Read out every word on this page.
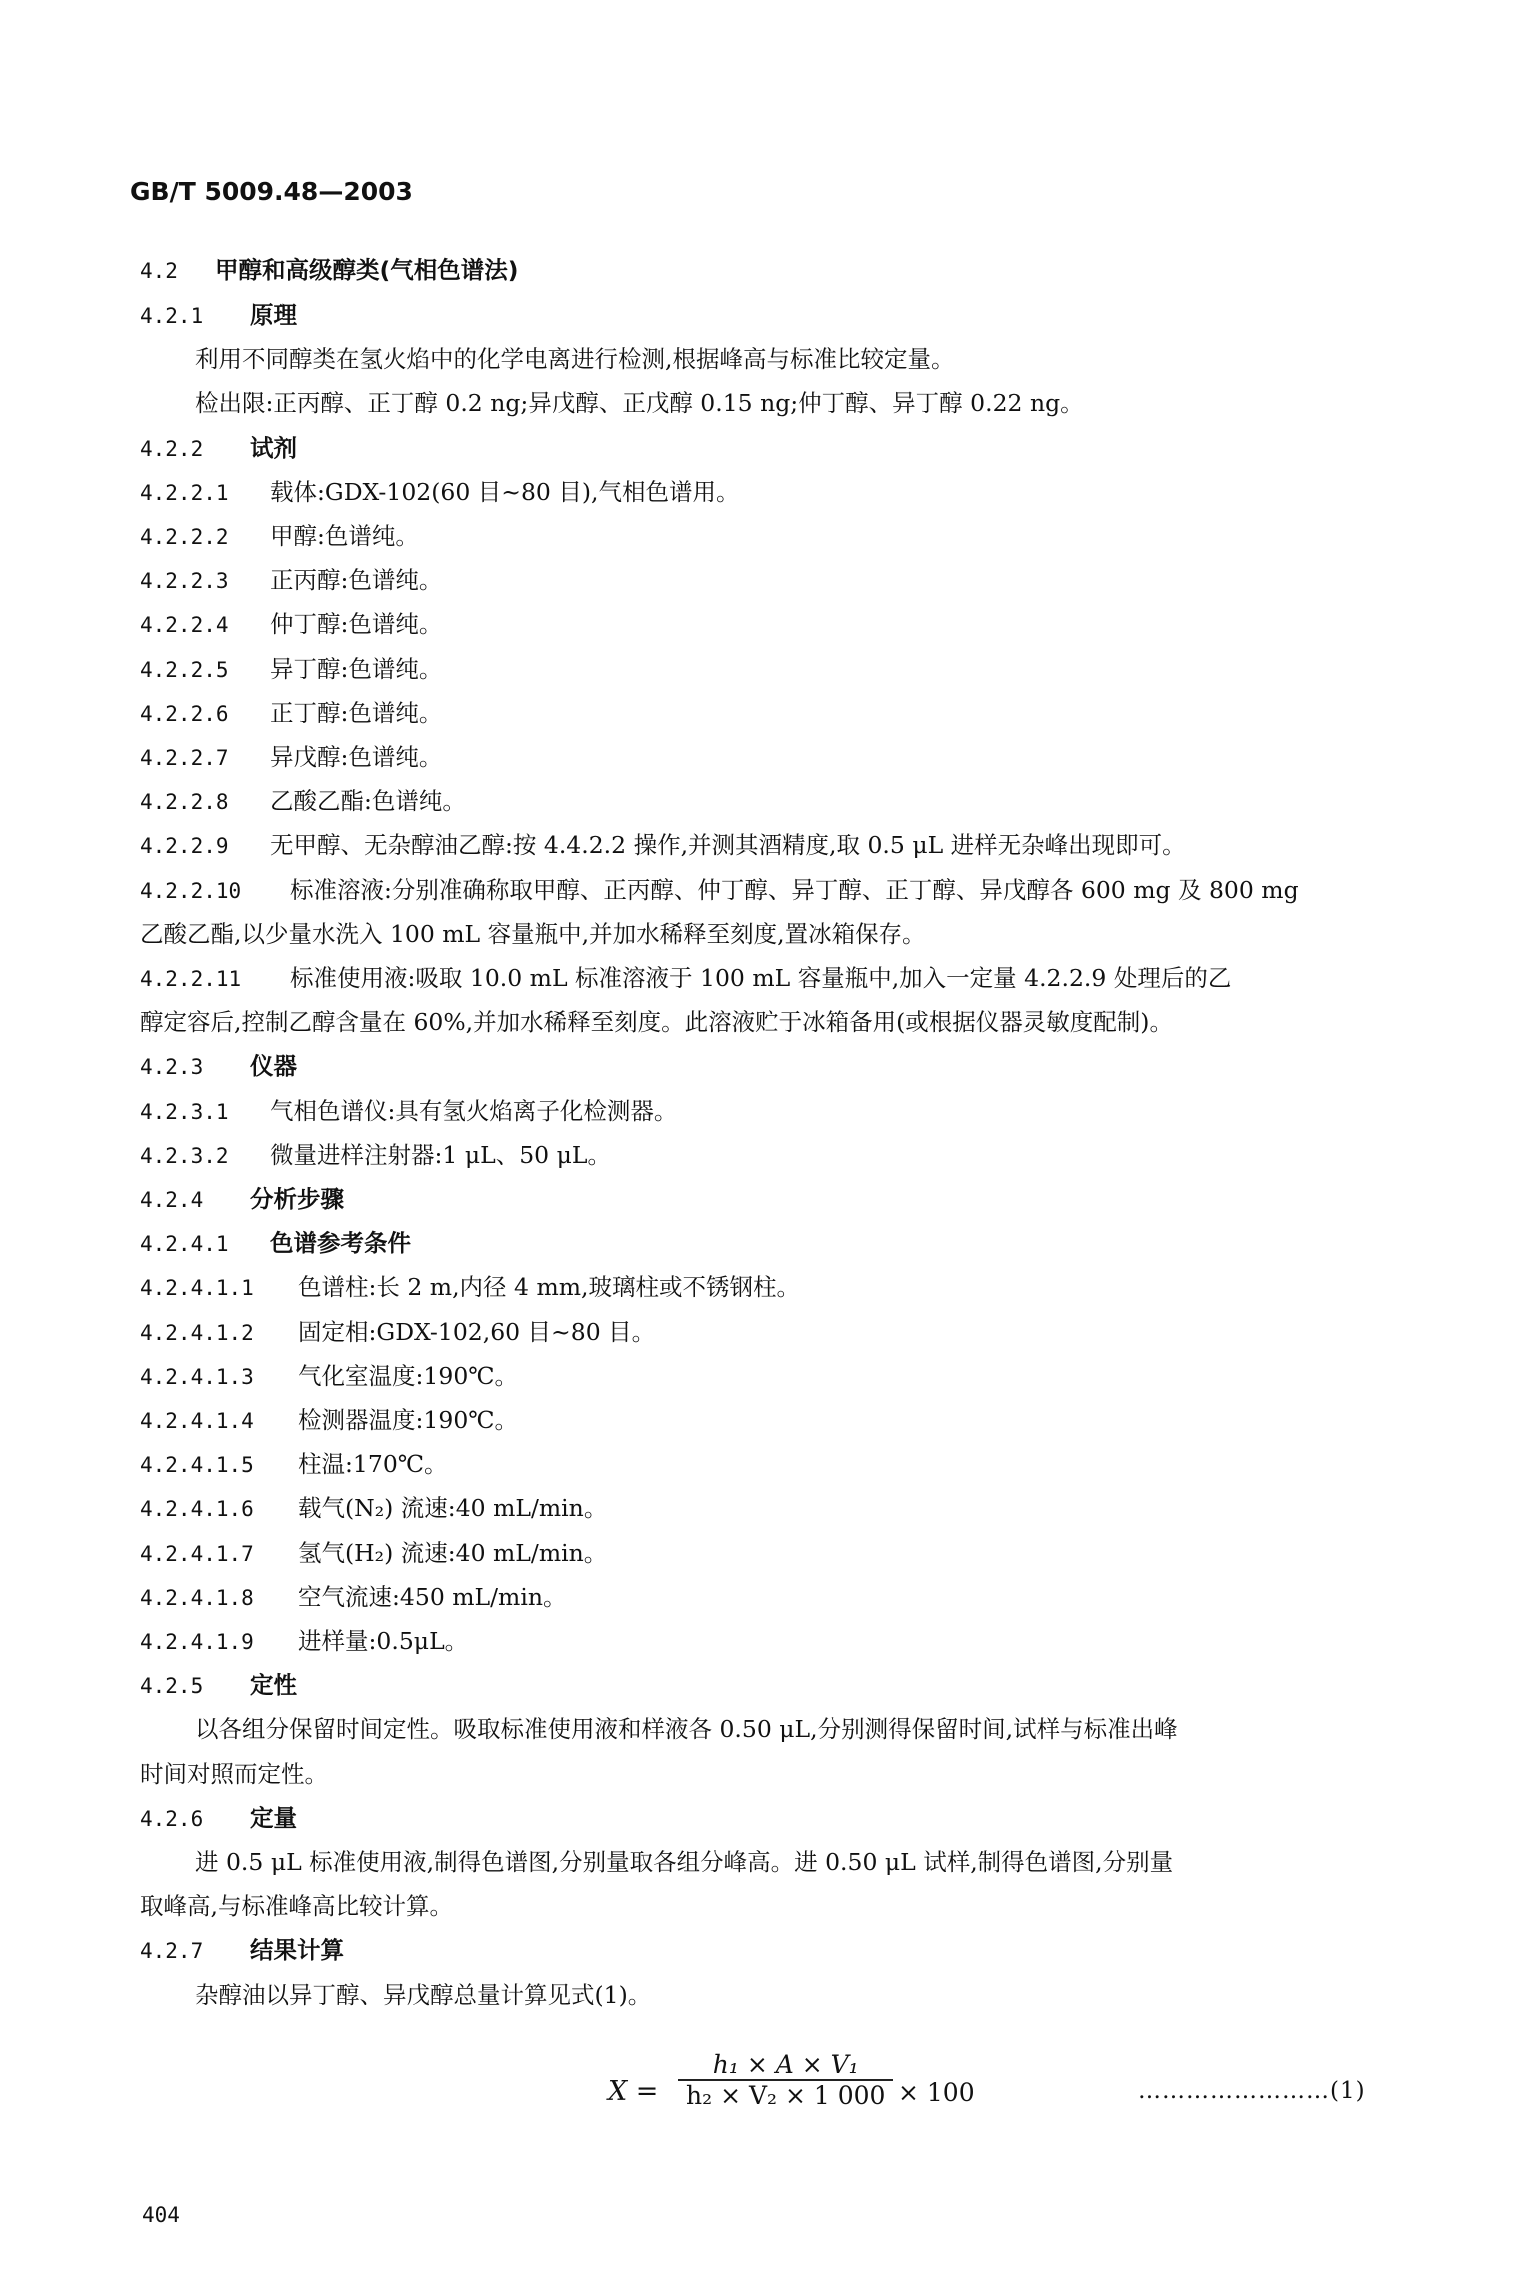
GB/T 5009.48—2003
4.2 甲醇和高级醇类(气相色谱法)
4.2.1 原理
利用不同醇类在氢火焰中的化学电离进行检测,根据峰高与标准比较定量。
检出限:正丙醇、正丁醇 0.2 ng;异戊醇、正戊醇 0.15 ng;仲丁醇、异丁醇 0.22 ng。
4.2.2 试剂
4.2.2.1 载体:GDX-102(60 目~80 目),气相色谱用。
4.2.2.2 甲醇:色谱纯。
4.2.2.3 正丙醇:色谱纯。
4.2.2.4 仲丁醇:色谱纯。
4.2.2.5 异丁醇:色谱纯。
4.2.2.6 正丁醇:色谱纯。
4.2.2.7 异戊醇:色谱纯。
4.2.2.8 乙酸乙酯:色谱纯。
4.2.2.9 无甲醇、无杂醇油乙醇:按 4.4.2.2 操作,并测其酒精度,取 0.5 μL 进样无杂峰出现即可。
4.2.2.10 标准溶液:分别准确称取甲醇、正丙醇、仲丁醇、异丁醇、正丁醇、异戊醇各 600 mg 及 800 mg
乙酸乙酯,以少量水洗入 100 mL 容量瓶中,并加水稀释至刻度,置冰箱保存。
4.2.2.11 标准使用液:吸取 10.0 mL 标准溶液于 100 mL 容量瓶中,加入一定量 4.2.2.9 处理后的乙
醇定容后,控制乙醇含量在 60%,并加水稀释至刻度。此溶液贮于冰箱备用(或根据仪器灵敏度配制)。
4.2.3 仪器
4.2.3.1 气相色谱仪:具有氢火焰离子化检测器。
4.2.3.2 微量进样注射器:1 μL、50 μL。
4.2.4 分析步骤
4.2.4.1 色谱参考条件
4.2.4.1.1 色谱柱:长 2 m,内径 4 mm,玻璃柱或不锈钢柱。
4.2.4.1.2 固定相:GDX-102,60 目~80 目。
4.2.4.1.3 气化室温度:190℃。
4.2.4.1.4 检测器温度:190℃。
4.2.4.1.5 柱温:170℃。
4.2.4.1.6 载气(N₂) 流速:40 mL/min。
4.2.4.1.7 氢气(H₂) 流速:40 mL/min。
4.2.4.1.8 空气流速:450 mL/min。
4.2.4.1.9 进样量:0.5μL。
4.2.5 定性
以各组分保留时间定性。吸取标准使用液和样液各 0.50 μL,分别测得保留时间,试样与标准出峰
时间对照而定性。
4.2.6 定量
进 0.5 μL 标准使用液,制得色谱图,分别量取各组分峰高。进 0.50 μL 试样,制得色谱图,分别量
取峰高,与标准峰高比较计算。
4.2.7 结果计算
杂醇油以异丁醇、异戊醇总量计算见式(1)。
X =
h₁ × A × V₁
h₂ × V₂ × 1 000 × 100	……………………(1)
404
